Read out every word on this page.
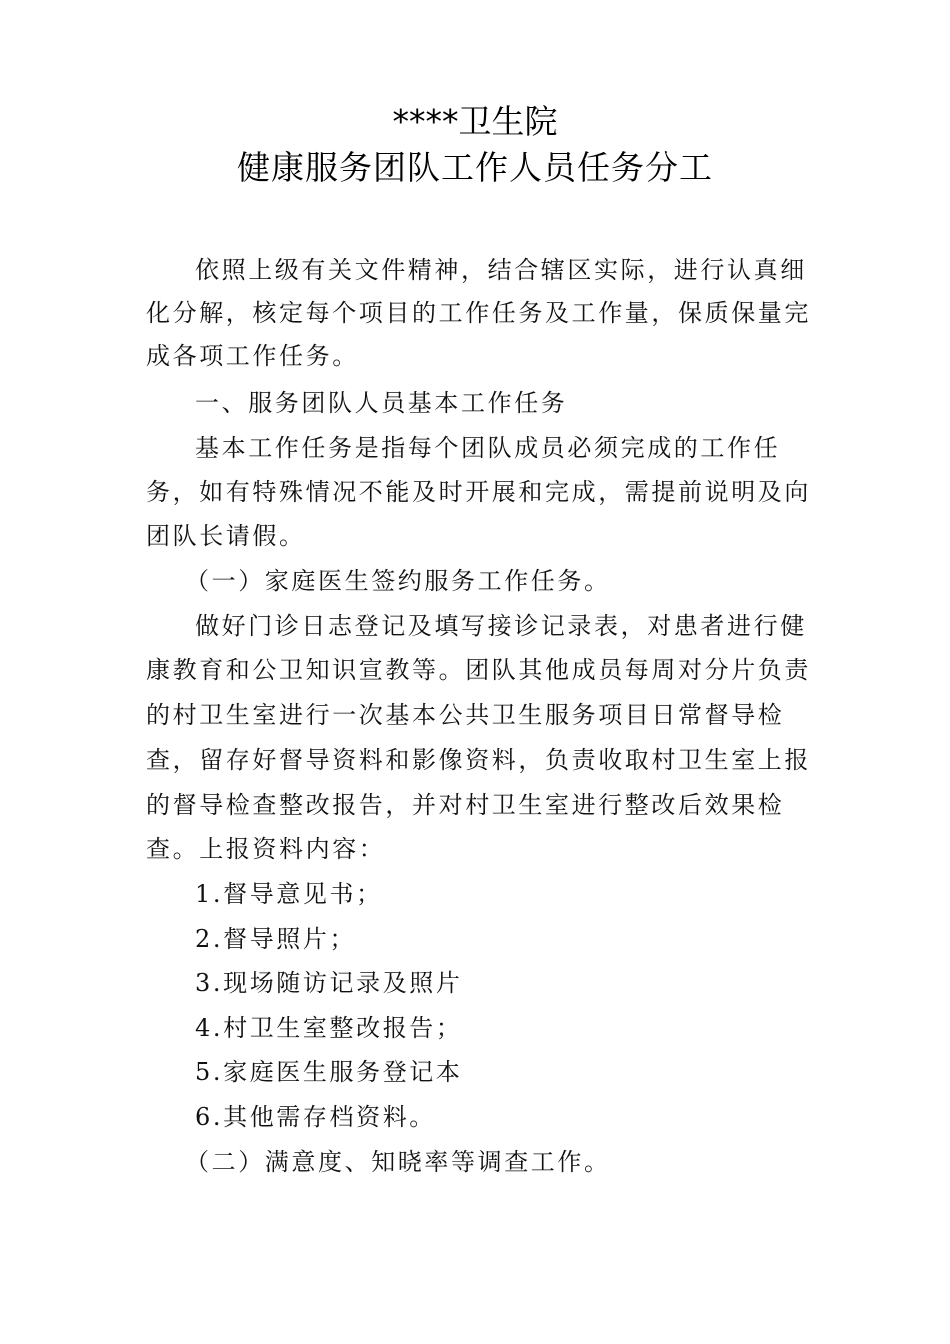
****卫生院
健康服务团队工作人员任务分工

依照上级有关文件精神，结合辖区实际，进行认真细

化分解，核定每个项目的工作任务及工作量，保质保量完

成各项工作任务。

一、服务团队人员基本工作任务

基本工作任务是指每个团队成员必须完成的工作任

务，如有特殊情况不能及时开展和完成，需提前说明及向

团队长请假。

（一）家庭医生签约服务工作任务。

做好门诊日志登记及填写接诊记录表，对患者进行健

康教育和公卫知识宣教等。团队其他成员每周对分片负责

的村卫生室进行一次基本公共卫生服务项目日常督导检

查，留存好督导资料和影像资料，负责收取村卫生室上报

的督导检查整改报告，并对村卫生室进行整改后效果检

查。上报资料内容：

1.督导意见书；

2.督导照片；

3.现场随访记录及照片

4.村卫生室整改报告；

5.家庭医生服务登记本

6.其他需存档资料。

（二）满意度、知晓率等调查工作。
